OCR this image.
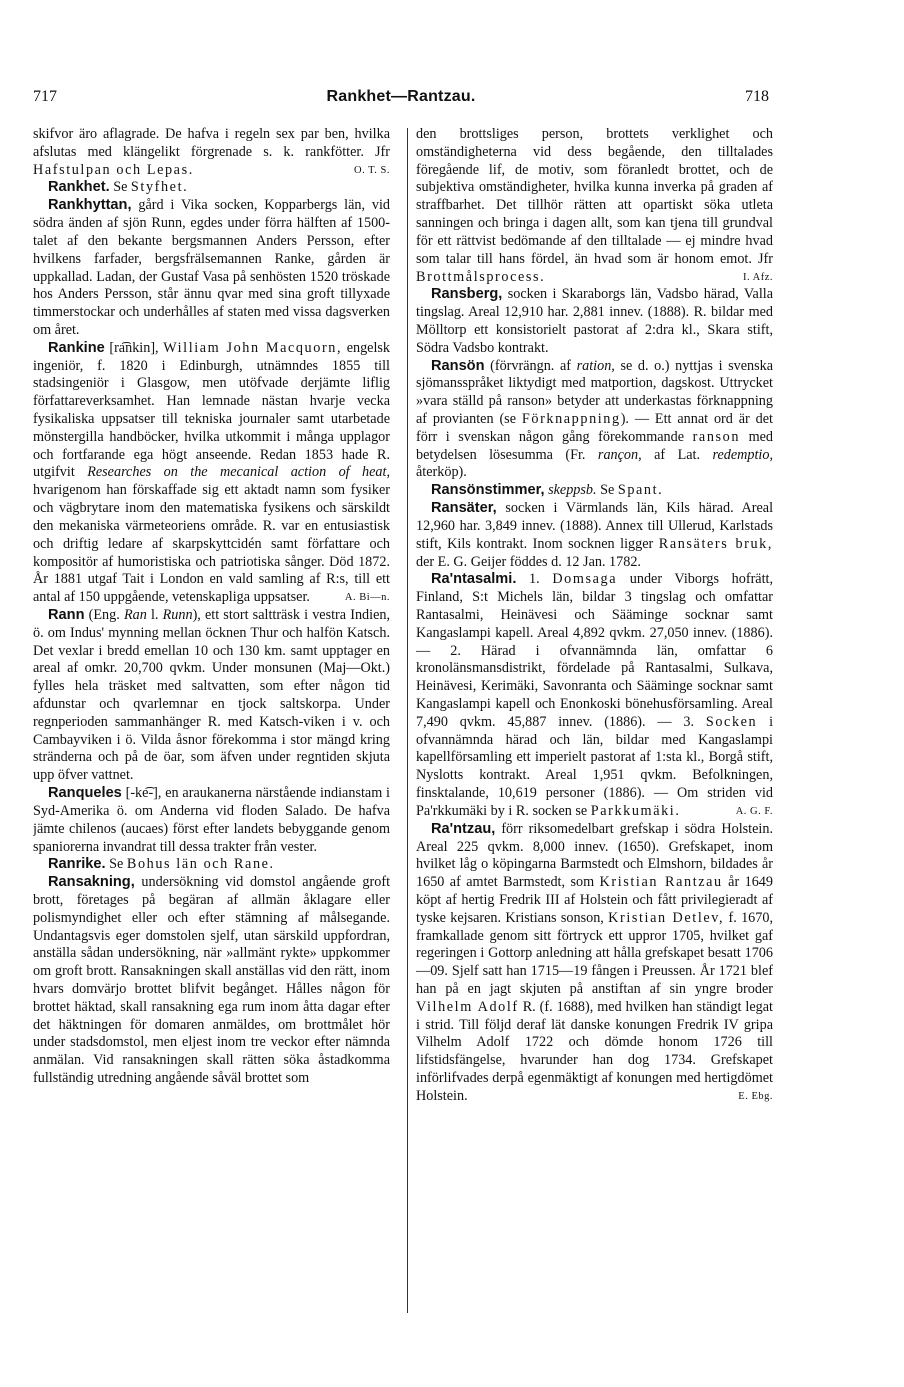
717	Rankhet—Rantzau.	718

skifvor äro aflagrade. De hafva i regeln sex par ben, hvilka afslutas med klängelikt förgrenade s. k. rankfötter. Jfr Hafstulpan och Lepas.	O. T. S.

Rankhet. Se Styfhet.

Rankhyttan, gård i Vika socken, Kopparbergs län, vid södra änden af sjön Runn, egdes under förra hälften af 1500-talet af den bekante bergsmannen Anders Persson, efter hvilkens farfader, bergsfrälsemannen Ranke, gården är uppkallad. Ladan, der Gustaf Vasa på senhösten 1520 tröskade hos Anders Persson, står ännu qvar med sina groft tillyxade timmerstockar och underhålles af staten med vissa dagsverken om året.

Rankine [ra͡nkin], William John Macquorn, engelsk ingeniör, f. 1820 i Edinburgh, utnämndes 1855 till stadsingeniör i Glasgow, men utöfvade derjämte liflig författareverksamhet. Han lemnade nästan hvarje vecka fysikaliska uppsatser till tekniska journaler samt utarbetade mönstergilla handböcker, hvilka utkommit i många upplagor och fortfarande ega högt anseende. Redan 1853 hade R. utgifvit Researches on the mecanical action of heat, hvarigenom han förskaffade sig ett aktadt namn som fysiker och vägbrytare inom den matematiska fysikens och särskildt den mekaniska värmeteoriens område. R. var en entusiastisk och driftig ledare af skarpskyttcidén samt författare och kompositör af humoristiska och patriotiska sånger. Död 1872. År 1881 utgaf Tait i London en vald samling af R:s, till ett antal af 150 uppgående, vetenskapliga uppsatser.	A. Bi—n.

Rann (Eng. Ran l. Runn), ett stort saltträsk i vestra Indien, ö. om Indus' mynning mellan öcknen Thur och halfön Katsch. Det vexlar i bredd emellan 10 och 130 km. samt upptager en areal af omkr. 20,700 qvkm. Under monsunen (Maj—Okt.) fylles hela träsket med saltvatten, som efter någon tid afdunstar och qvarlemnar en tjock saltskorpa. Under regnperioden sammanhänger R. med Katsch-viken i v. och Cambayviken i ö. Vilda åsnor förekomma i stor mängd kring stränderna och på de öar, som äfven under regntiden skjuta upp öfver vattnet.

Ranqueles [-ke͡-], en araukanerna närstående indianstam i Syd-Amerika ö. om Anderna vid floden Salado. De hafva jämte chilenos (aucaes) först efter landets bebyggande genom spaniorerna invandrat till dessa trakter från vester.

Ranrike. Se Bohus län och Rane.

Ransakning, undersökning vid domstol angående groft brott, företages på begäran af allmän åklagare eller polismyndighet eller och efter stämning af målsegande. Undantagsvis eger domstolen sjelf, utan särskild uppfordran, anställa sådan undersökning, när »allmänt rykte» uppkommer om groft brott. Ransakningen skall anställas vid den rätt, inom hvars domvärjo brottet blifvit begånget. Hålles någon för brottet häktad, skall ransakning ega rum inom åtta dagar efter det häktningen för domaren anmäldes, om brottmålet hör under stadsdomstol, men eljest inom tre veckor efter nämnda anmälan. Vid ransakningen skall rätten söka åstadkomma fullständig utredning angående såväl brottet som

den brottsliges person, brottets verklighet och omständigheterna vid dess begående, den tilltalades föregående lif, de motiv, som föranledt brottet, och de subjektiva omständigheter, hvilka kunna inverka på graden af straffbarhet. Det tillhör rätten att opartiskt söka utleta sanningen och bringa i dagen allt, som kan tjena till grundval för ett rättvist bedömande af den tilltalade — ej mindre hvad som talar till hans fördel, än hvad som är honom emot. Jfr Brottmålsprocess.	I. Afz.

Ransberg, socken i Skaraborgs län, Vadsbo härad, Valla tingslag. Areal 12,910 har. 2,881 innev. (1888). R. bildar med Mölltorp ett konsistorielt pastorat af 2:dra kl., Skara stift, Södra Vadsbo kontrakt.

Ransön (förvrängn. af ration, se d. o.) nyttjas i svenska sjömansspråket liktydigt med matportion, dagskost. Uttrycket »vara ställd på ranson» betyder att underkastas förknappning af provianten (se Förknappning). — Ett annat ord är det förr i svenskan någon gång förekommande ranson med betydelsen lösesumma (Fr. rançon, af Lat. redemptio, återköp).

Ransönstimmer, skeppsb. Se Spant.

Ransäter, socken i Värmlands län, Kils härad. Areal 12,960 har. 3,849 innev. (1888). Annex till Ullerud, Karlstads stift, Kils kontrakt. Inom socknen ligger Ransäters bruk, der E. G. Geijer föddes d. 12 Jan. 1782.

Ra'ntasalmi. 1. Domsaga under Viborgs hofrätt, Finland, S:t Michels län, bildar 3 tingslag och omfattar Rantasalmi, Heinävesi och Sääminge socknar samt Kangaslampi kapell. Areal 4,892 qvkm. 27,050 innev. (1886). — 2. Härad i ofvannämnda län, omfattar 6 kronolänsmansdistrikt, fördelade på Rantasalmi, Sulkava, Heinävesi, Kerimäki, Savonranta och Sääminge socknar samt Kangaslampi kapell och Enonkoski bönehusförsamling. Areal 7,490 qvkm. 45,887 innev. (1886). — 3. Socken i ofvannämnda härad och län, bildar med Kangaslampi kapellförsamling ett imperielt pastorat af 1:sta kl., Borgå stift, Nyslotts kontrakt. Areal 1,951 qvkm. Befolkningen, finsktalande, 10,619 personer (1886). — Om striden vid Pa'rkkumäki by i R. socken se Parkkumäki.	A. G. F.

Ra'ntzau, förr riksomedelbart grefskap i södra Holstein. Areal 225 qvkm. 8,000 innev. (1650). Grefskapet, inom hvilket låg o köpingarna Barmstedt och Elmshorn, bildades år 1650 af amtet Barmstedt, som Kristian Rantzau år 1649 köpt af hertig Fredrik III af Holstein och fått privilegieradt af tyske kejsaren. Kristians sonson, Kristian Detlev, f. 1670, framkallade genom sitt förtryck ett uppror 1705, hvilket gaf regeringen i Gottorp anledning att hålla grefskapet besatt 1706—09. Sjelf satt han 1715—19 fången i Preussen. År 1721 blef han på en jagt skjuten på anstiftan af sin yngre broder Vilhelm Adolf R. (f. 1688), med hvilken han ständigt legat i strid. Till följd deraf lät danske konungen Fredrik IV gripa Vilhelm Adolf 1722 och dömde honom 1726 till lifstidsfängelse, hvarunder han dog 1734. Grefskapet införlifvades derpå egenmäktigt af konungen med hertigdömet Holstein.	E. Ebg.
